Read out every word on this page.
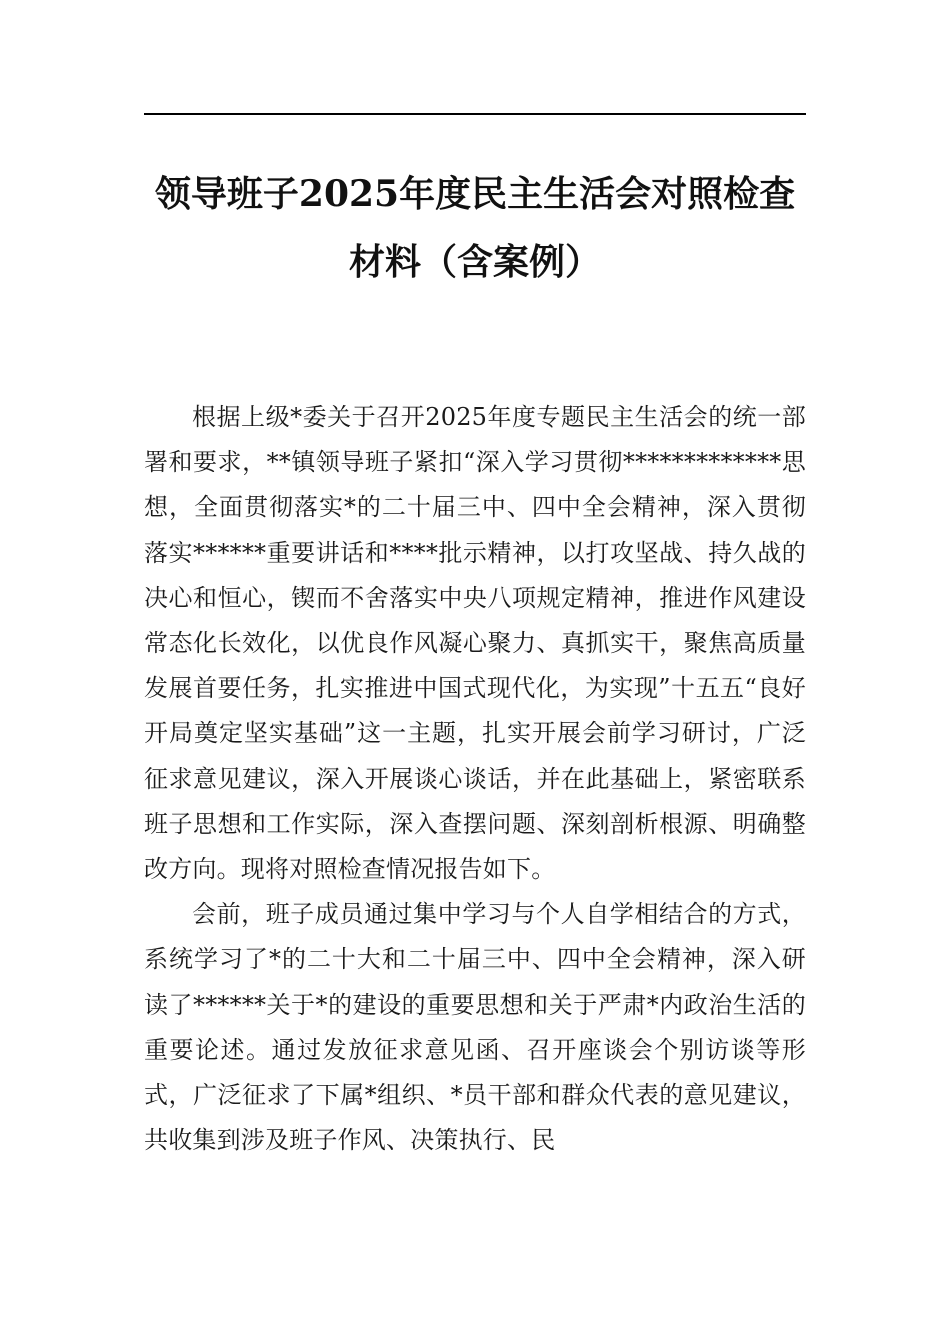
领导班子2025年度民主生活会对照检查材料（含案例）

根据上级*委关于召开2025年度专题民主生活会的统一部署和要求，**镇领导班子紧扣“深入学习贯彻*************思想，全面贯彻落实*的二十届三中、四中全会精神，深入贯彻落实******重要讲话和****批示精神，以打攻坚战、持久战的决心和恒心，锲而不舍落实中央八项规定精神，推进作风建设常态化长效化，以优良作风凝心聚力、真抓实干，聚焦高质量发展首要任务，扎实推进中国式现代化，为实现”十五五“良好开局奠定坚实基础”这一主题，扎实开展会前学习研讨，广泛征求意见建议，深入开展谈心谈话，并在此基础上，紧密联系班子思想和工作实际，深入查摆问题、深刻剖析根源、明确整改方向。现将对照检查情况报告如下。

会前，班子成员通过集中学习与个人自学相结合的方式，系统学习了*的二十大和二十届三中、四中全会精神，深入研读了******关于*的建设的重要思想和关于严肃*内政治生活的重要论述。通过发放征求意见函、召开座谈会个别访谈等形式，广泛征求了下属*组织、*员干部和群众代表的意见建议，共收集到涉及班子作风、决策执行、民
